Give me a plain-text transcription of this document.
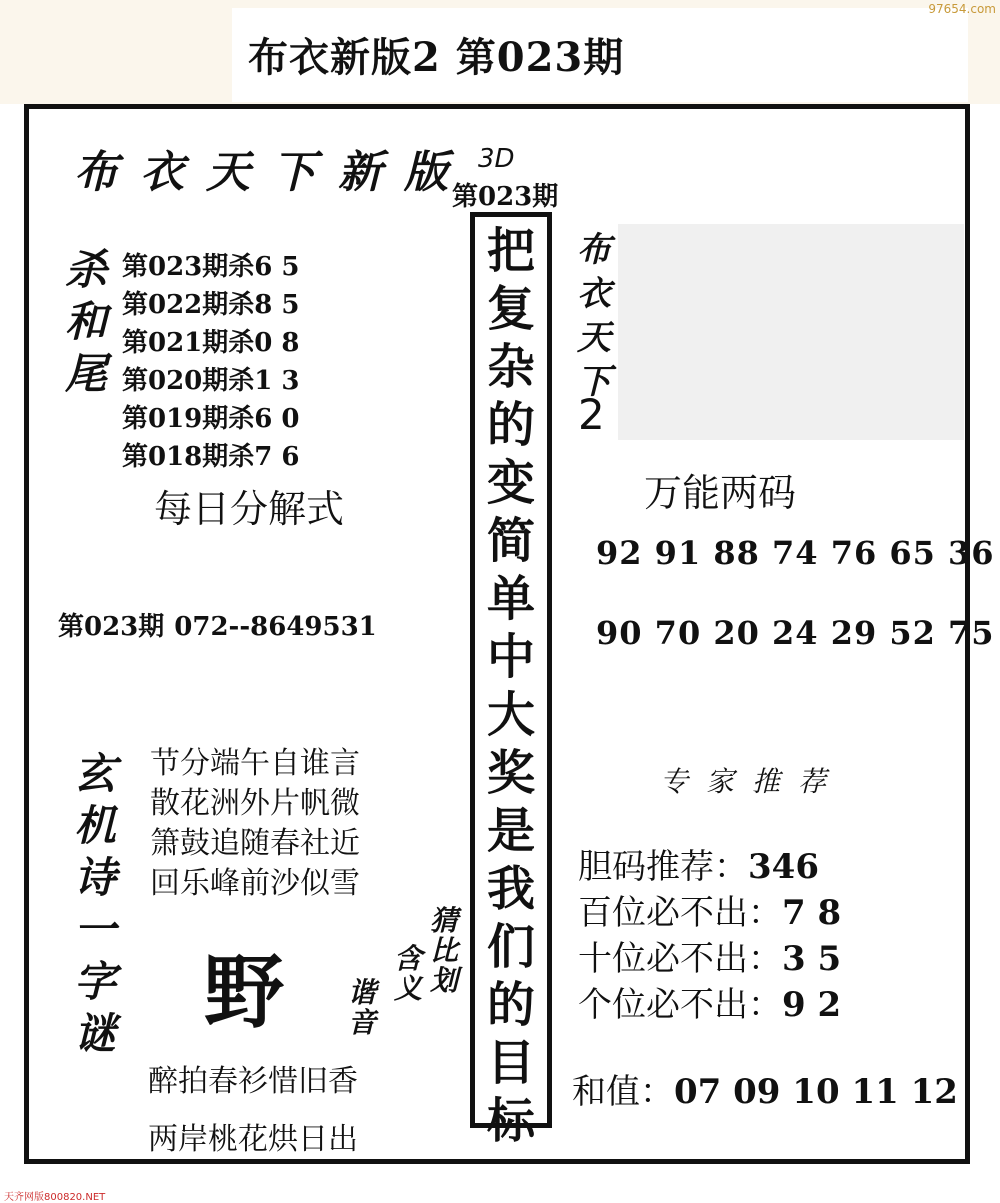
布衣新版2 第023期
97654.com
布衣天下新版 3D
第023期
把
复
杂
的
变
简
单
中
大
奖
是
我
们
的
目
标
杀
和
尾
第023期杀6 5
第022期杀8 5
第021期杀0 8
第020期杀1 3
第019期杀6 0
第018期杀7 6
每日分解式
第023期 072--8649531
布
衣
天
下
2
万能两码
92 91 88 74 76 65 36
90 70 20 24 29 52 75
玄
机
诗
一
字
谜
节分端午自谁言
散花洲外片帆微
箫鼓追随春社近
回乐峰前沙似雪
野
猜
比
划
含
义
谐
音
醉拍春衫惜旧香
两岸桃花烘日出
专家推荐
胆码推荐：346
百位必不出：7 8
十位必不出：3 5
个位必不出：9 2
和值：07 09 10 11 12
天齐网版800820.NET
